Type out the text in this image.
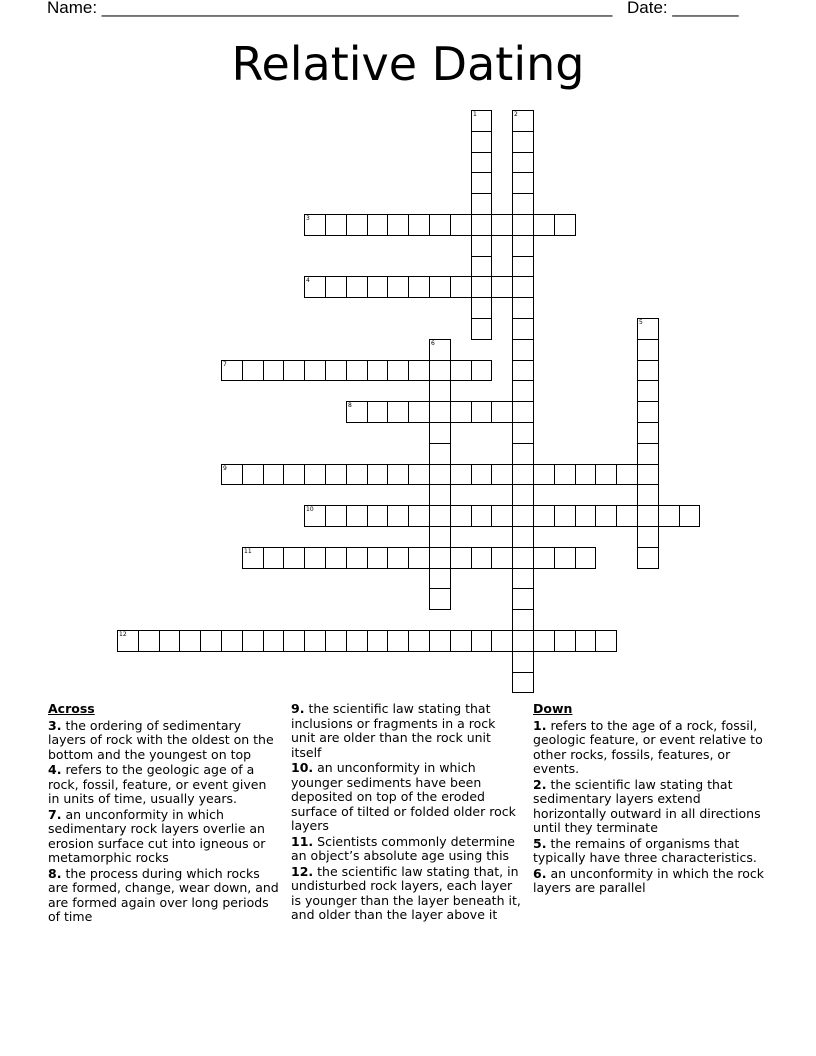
Name: ______________________________________________________ Date: _______
Relative Dating
3
4
7
8
9
10
11
12
1	2
5
6
Across
3. the ordering of sedimentary layers of rock with the oldest on the bottom and the youngest on top
4. refers to the geologic age of a rock, fossil, feature, or event given in units of time, usually years.
7. an unconformity in which sedimentary rock layers overlie an erosion surface cut into igneous or metamorphic rocks
8. the process during which rocks are formed, change, wear down, and are formed again over long periods of time
9. the scientific law stating that inclusions or fragments in a rock unit are older than the rock unit itself
10. an unconformity in which younger sediments have been deposited on top of the eroded surface of tilted or folded older rock layers
11. Scientists commonly determine an object’s absolute age using this
12. the scientific law stating that, in undisturbed rock layers, each layer is younger than the layer beneath it, and older than the layer above it
Down
1. refers to the age of a rock, fossil, geologic feature, or event relative to other rocks, fossils, features, or events.
2. the scientific law stating that sedimentary layers extend horizontally outward in all directions until they terminate
5. the remains of organisms that typically have three characteristics.
6. an unconformity in which the rock layers are parallel
